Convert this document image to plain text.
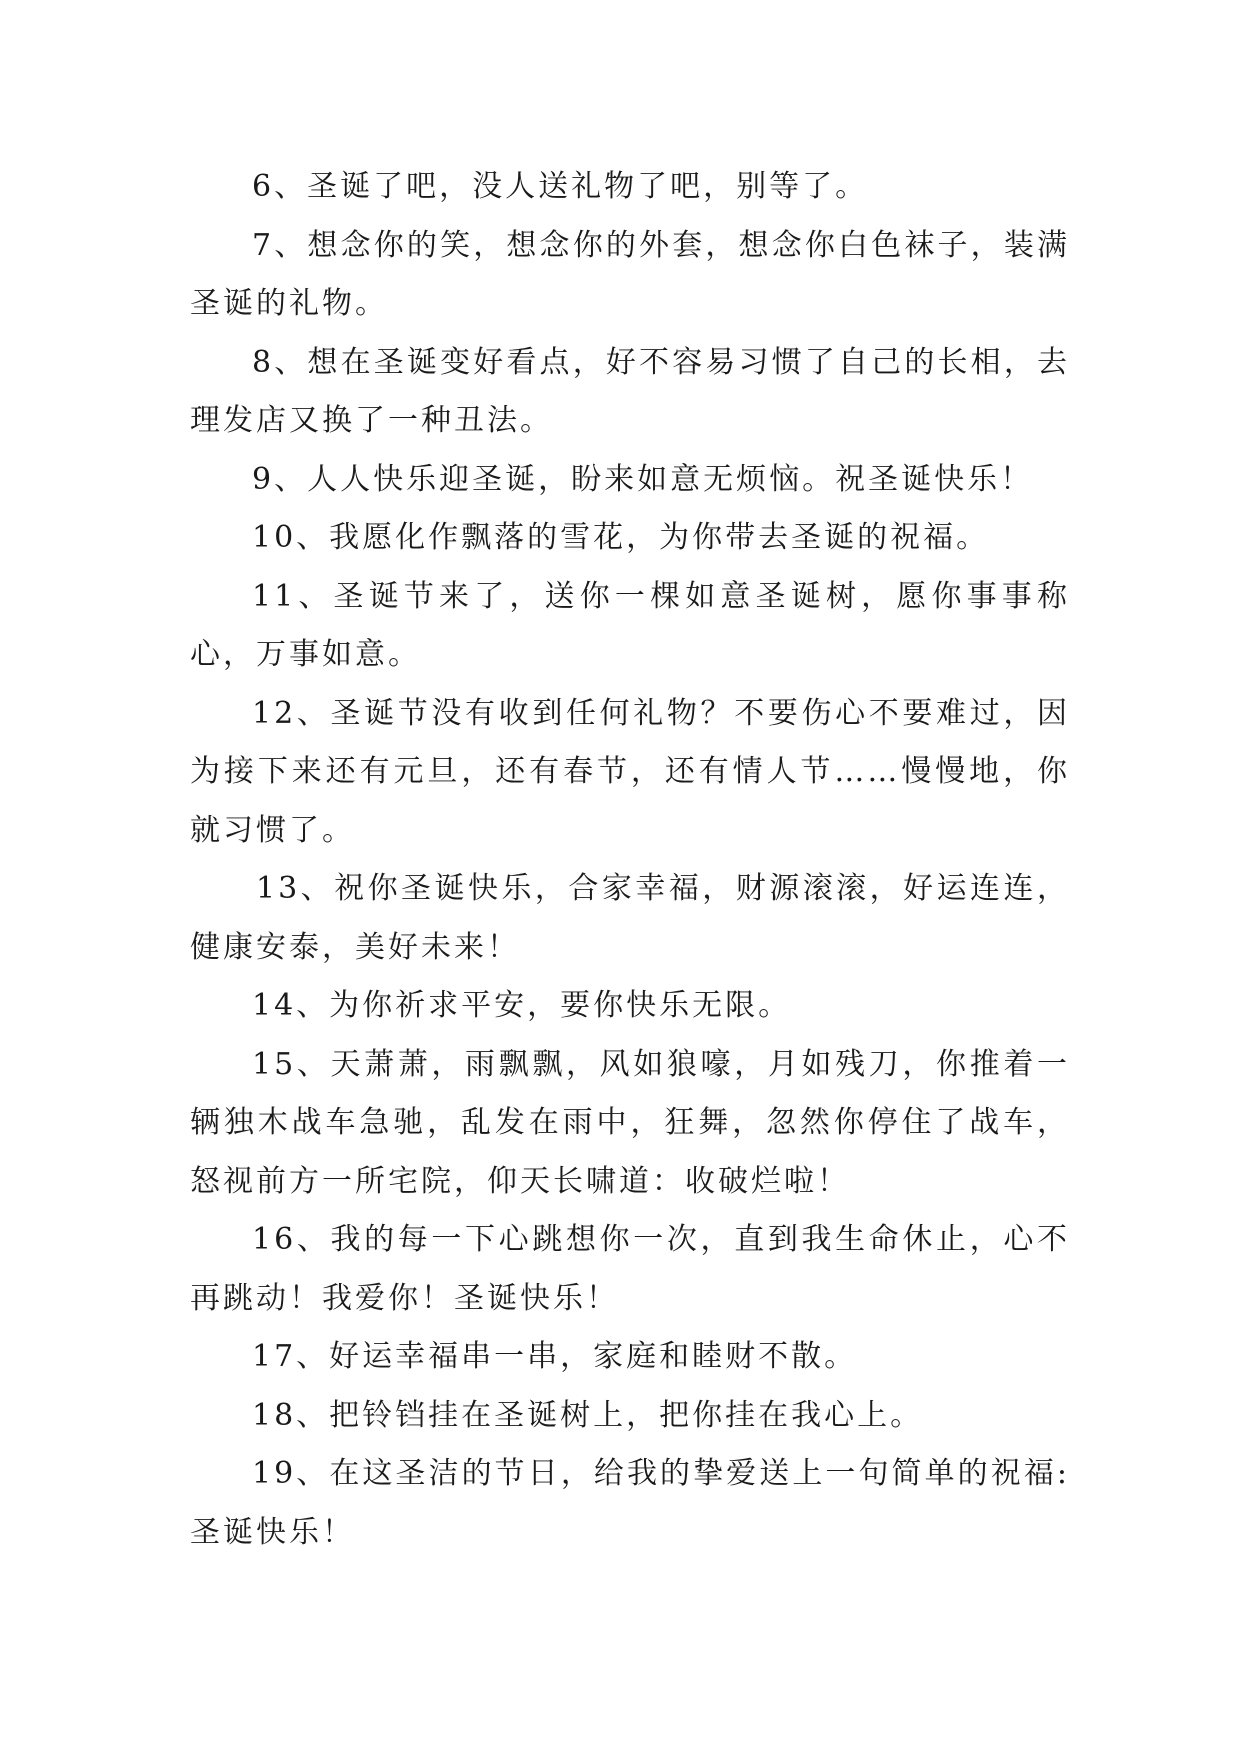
6、圣诞了吧，没人送礼物了吧，别等了。

7、想念你的笑，想念你的外套，想念你白色袜子，装满圣诞的礼物。

8、想在圣诞变好看点，好不容易习惯了自己的长相，去理发店又换了一种丑法。

9、人人快乐迎圣诞，盼来如意无烦恼。祝圣诞快乐！

10、我愿化作飘落的雪花，为你带去圣诞的祝福。

11、圣诞节来了，送你一棵如意圣诞树，愿你事事称心，万事如意。

12、圣诞节没有收到任何礼物？不要伤心不要难过，因为接下来还有元旦，还有春节，还有情人节……慢慢地，你就习惯了。

13、祝你圣诞快乐，合家幸福，财源滚滚，好运连连，健康安泰，美好未来！

14、为你祈求平安，要你快乐无限。

15、天萧萧，雨飘飘，风如狼嚎，月如残刀，你推着一辆独木战车急驰，乱发在雨中，狂舞，忽然你停住了战车，怒视前方一所宅院，仰天长啸道：收破烂啦！

16、我的每一下心跳想你一次，直到我生命休止，心不再跳动！我爱你！圣诞快乐！

17、好运幸福串一串，家庭和睦财不散。

18、把铃铛挂在圣诞树上，把你挂在我心上。

19、在这圣洁的节日，给我的挚爱送上一句简单的祝福:圣诞快乐！
